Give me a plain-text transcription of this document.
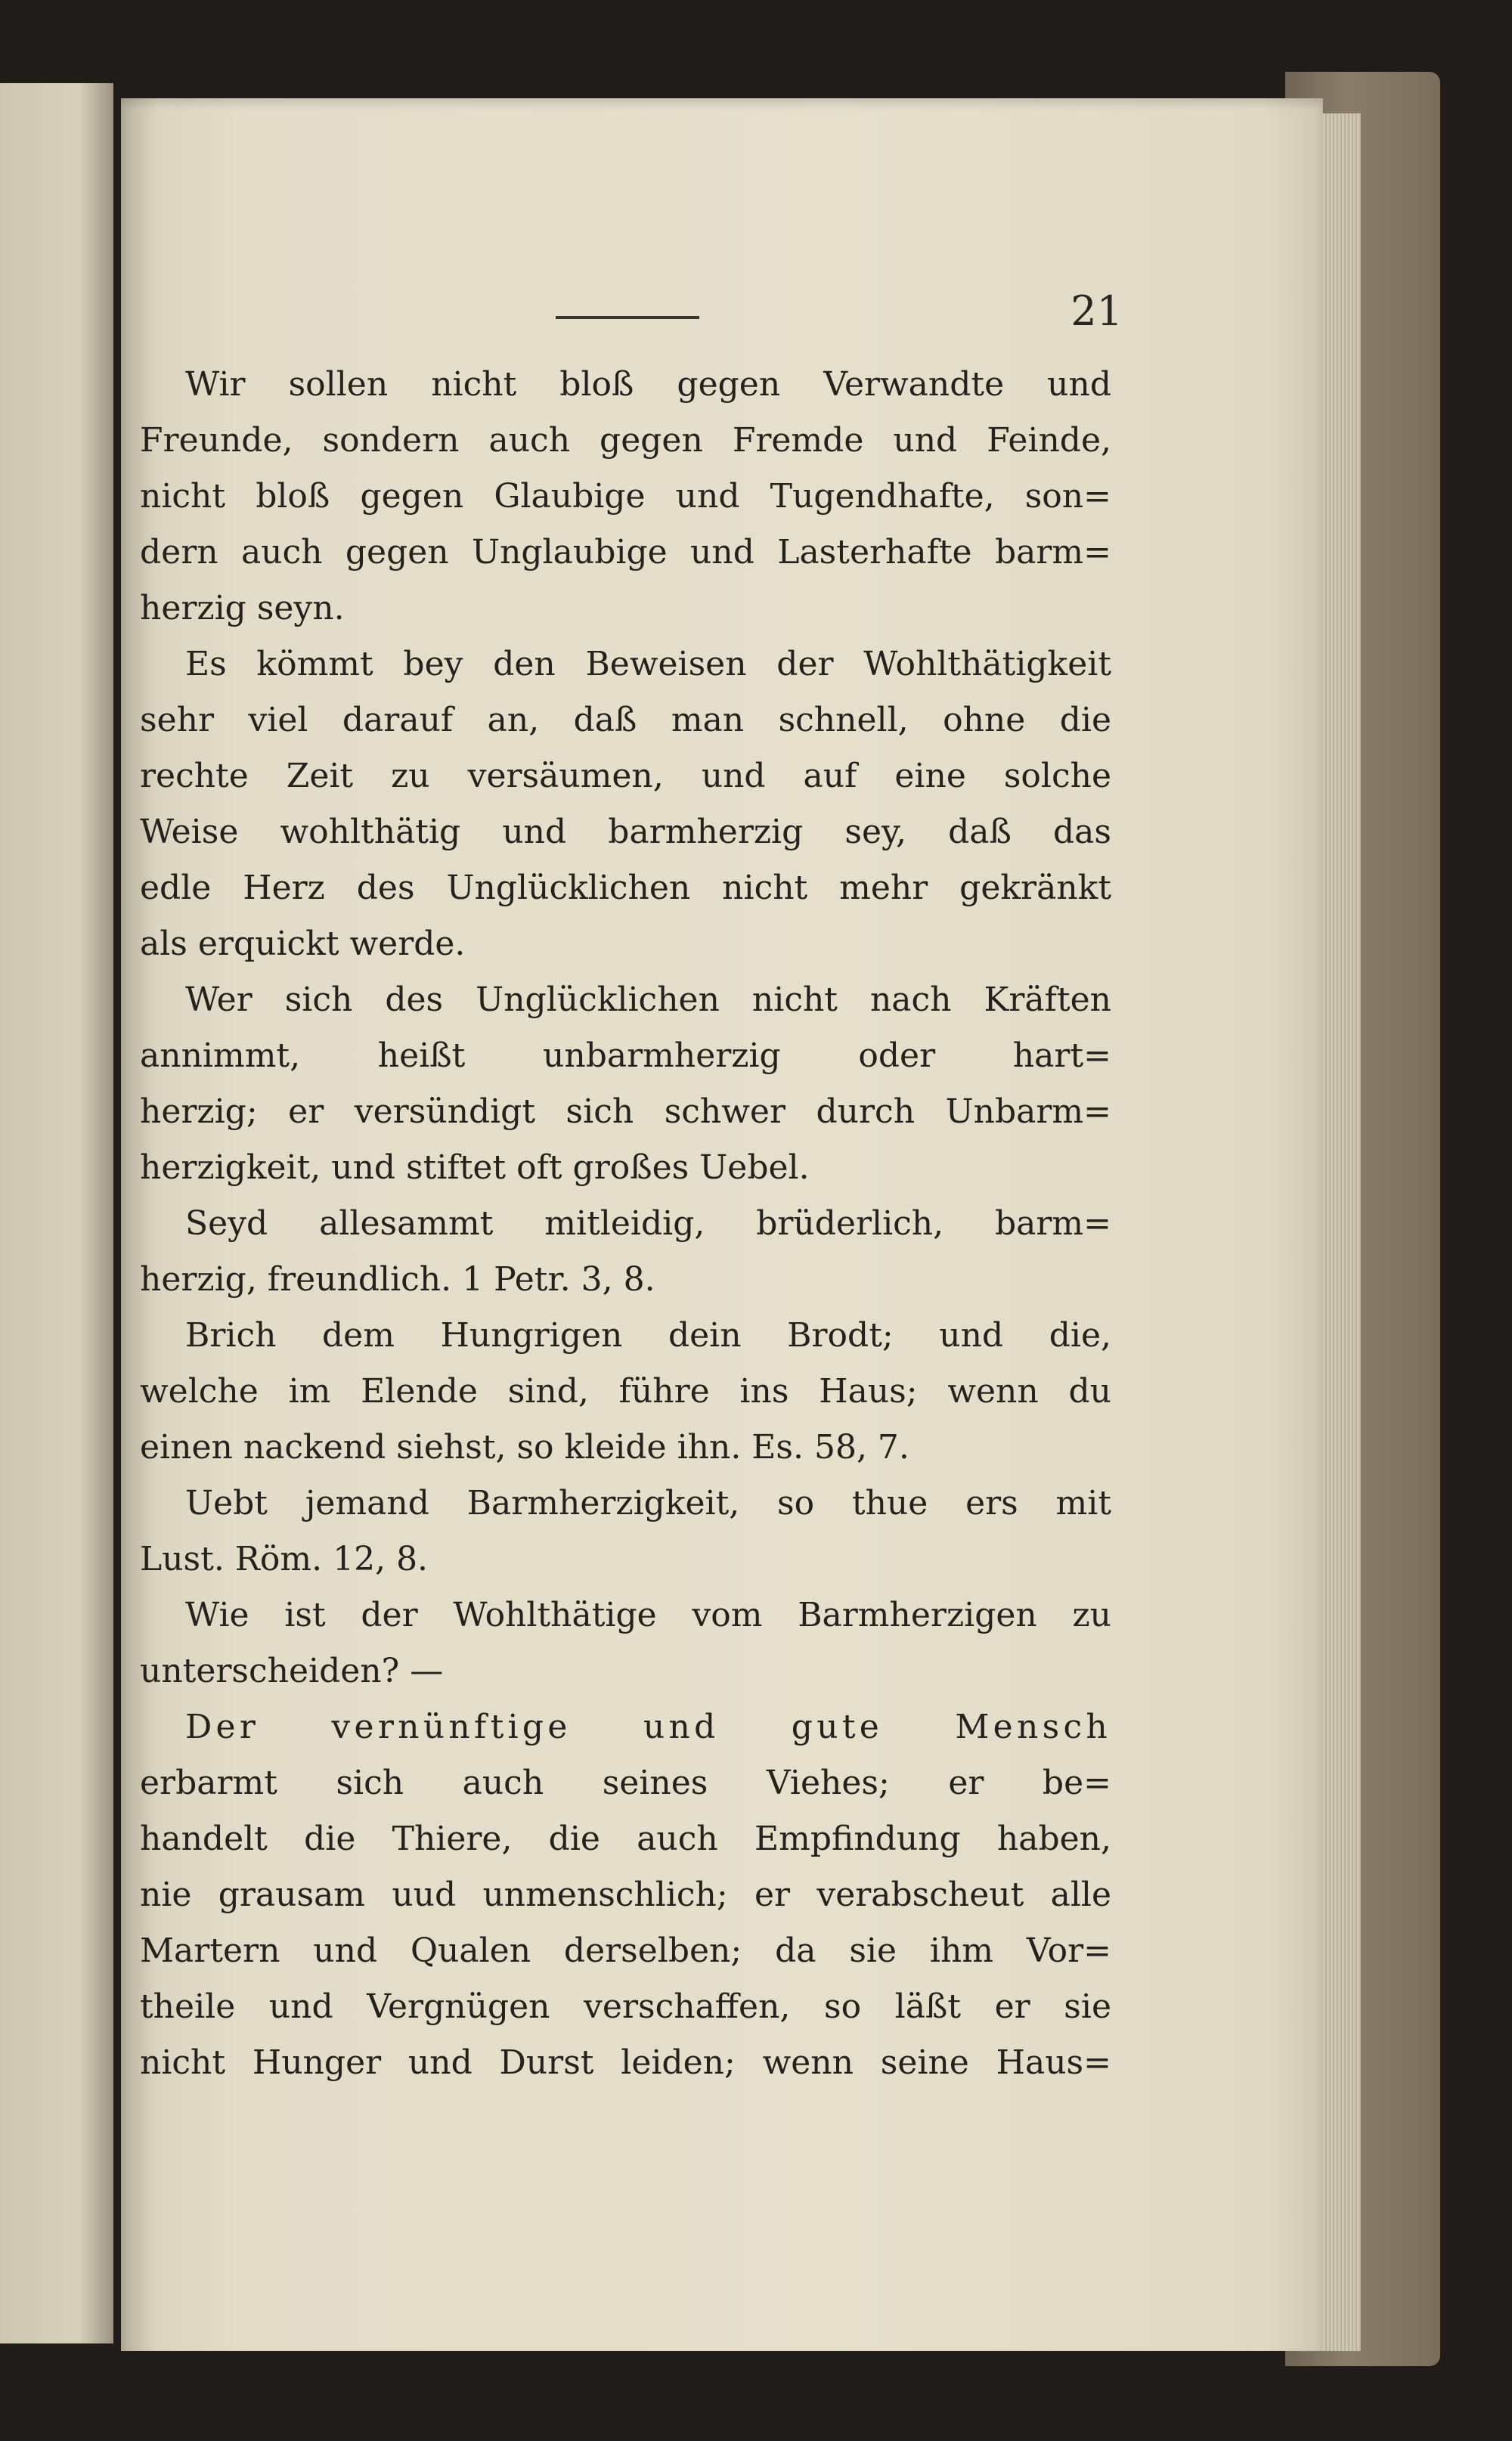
21
Wir sollen nicht bloß gegen Verwandte und
Freunde, sondern auch gegen Fremde und Feinde,
nicht bloß gegen Glaubige und Tugendhafte, son=
dern auch gegen Unglaubige und Lasterhafte barm=
herzig seyn.
Es kömmt bey den Beweisen der Wohlthätigkeit
sehr viel darauf an, daß man schnell, ohne die
rechte Zeit zu versäumen, und auf eine solche
Weise wohlthätig und barmherzig sey, daß das
edle Herz des Unglücklichen nicht mehr gekränkt
als erquickt werde.
Wer sich des Unglücklichen nicht nach Kräften
annimmt, heißt unbarmherzig oder hart=
herzig; er versündigt sich schwer durch Unbarm=
herzigkeit, und stiftet oft großes Uebel.
Seyd allesammt mitleidig, brüderlich, barm=
herzig, freundlich. 1 Petr. 3, 8.
Brich dem Hungrigen dein Brodt; und die,
welche im Elende sind, führe ins Haus; wenn du
einen nackend siehst, so kleide ihn. Es. 58, 7.
Uebt jemand Barmherzigkeit, so thue ers mit
Lust. Röm. 12, 8.
Wie ist der Wohlthätige vom Barmherzigen zu
unterscheiden? —
Der vernünftige und gute Mensch
erbarmt sich auch seines Viehes; er be=
handelt die Thiere, die auch Empfindung haben,
nie grausam uud unmenschlich; er verabscheut alle
Martern und Qualen derselben; da sie ihm Vor=
theile und Vergnügen verschaffen, so läßt er sie
nicht Hunger und Durst leiden; wenn seine Haus=
